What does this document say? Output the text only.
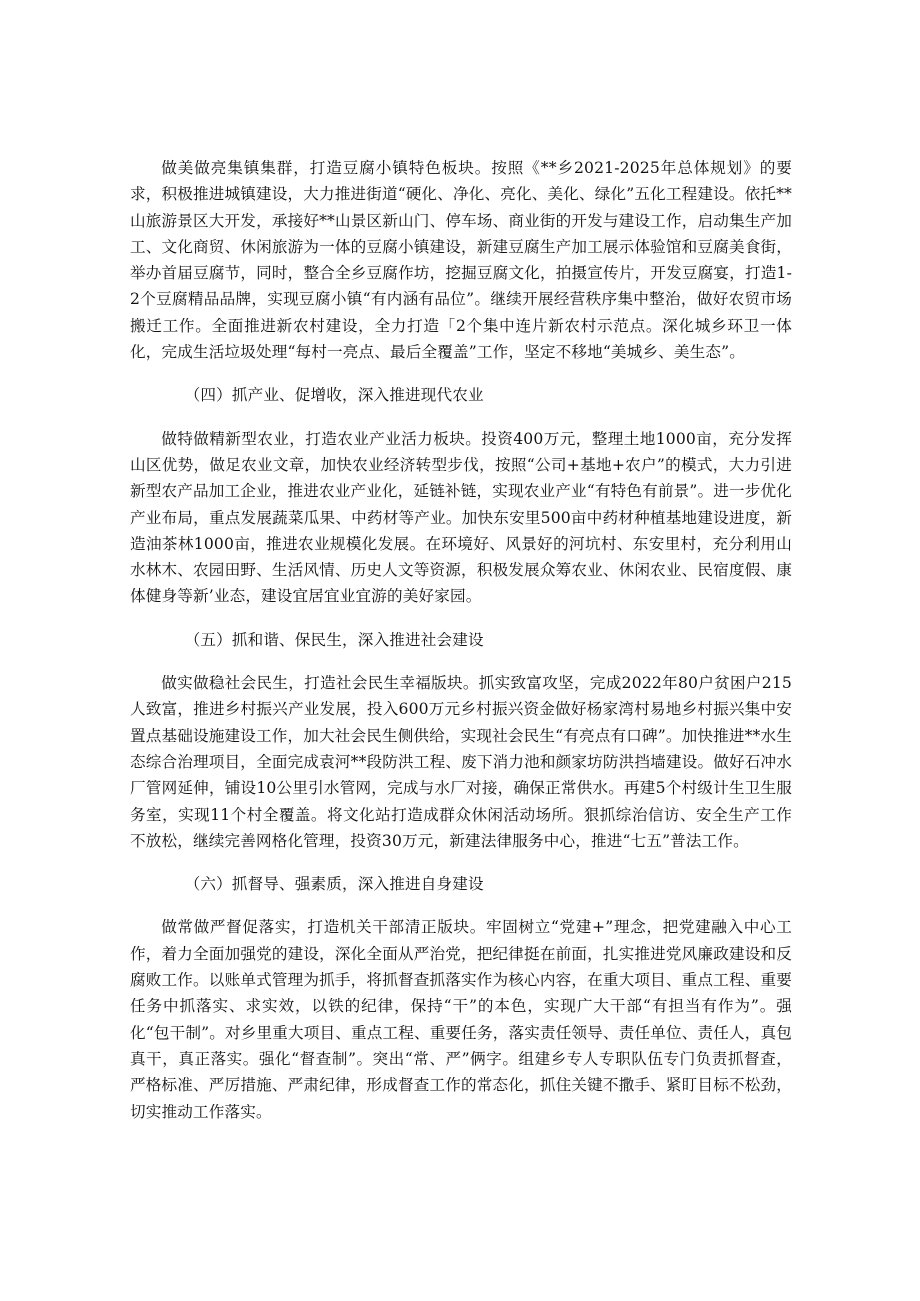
做美做亮集镇集群，打造豆腐小镇特色板块。按照《**乡2021-2025年总体规划》的要求，积极推进城镇建设，大力推进街道“硬化、净化、亮化、美化、绿化”五化工程建设。依托**山旅游景区大开发，承接好**山景区新山门、停车场、商业街的开发与建设工作，启动集生产加工、文化商贸、休闲旅游为一体的豆腐小镇建设，新建豆腐生产加工展示体验馆和豆腐美食街，举办首届豆腐节，同时，整合全乡豆腐作坊，挖掘豆腐文化，拍摄宣传片，开发豆腐宴，打造1-2个豆腐精品品牌，实现豆腐小镇“有内涵有品位”。继续开展经营秩序集中整治，做好农贸市场搬迁工作。全面推进新农村建设，全力打造「2个集中连片新农村示范点。深化城乡环卫一体化，完成生活垃圾处理“每村一亮点、最后全覆盖”工作，坚定不移地“美城乡、美生态”。

（四）抓产业、促增收，深入推进现代农业

做特做精新型农业，打造农业产业活力板块。投资400万元，整理土地1000亩，充分发挥山区优势，做足农业文章，加快农业经济转型步伐，按照“公司+基地+农户”的模式，大力引进新型农产品加工企业，推进农业产业化，延链补链，实现农业产业“有特色有前景”。进一步优化产业布局，重点发展蔬菜瓜果、中药材等产业。加快东安里500亩中药材种植基地建设进度，新造油茶林1000亩，推进农业规模化发展。在环境好、风景好的河坑村、东安里村，充分利用山水林木、农园田野、生活风情、历史人文等资源，积极发展众筹农业、休闲农业、民宿度假、康体健身等新’业态，建设宜居宜业宜游的美好家园。

（五）抓和谐、保民生，深入推进社会建设

做实做稳社会民生，打造社会民生幸福版块。抓实致富攻坚，完成2022年80户贫困户215人致富，推进乡村振兴产业发展，投入600万元乡村振兴资金做好杨家湾村易地乡村振兴集中安置点基础设施建设工作，加大社会民生侧供给，实现社会民生“有亮点有口碑”。加快推进**水生态综合治理项目，全面完成袁河**段防洪工程、废下消力池和颜家坊防洪挡墙建设。做好石冲水厂管网延伸，铺设10公里引水管网，完成与水厂对接，确保正常供水。再建5个村级计生卫生服务室，实现11个村全覆盖。将文化站打造成群众休闲活动场所。狠抓综治信访、安全生产工作不放松，继续完善网格化管理，投资30万元，新建法律服务中心，推进“七五”普法工作。

（六）抓督导、强素质，深入推进自身建设

做常做严督促落实，打造机关干部清正版块。牢固树立“党建+”理念，把党建融入中心工作，着力全面加强党的建设，深化全面从严治党，把纪律挺在前面，扎实推进党风廉政建设和反腐败工作。以账单式管理为抓手，将抓督查抓落实作为核心内容，在重大项目、重点工程、重要任务中抓落实、求实效，以铁的纪律，保持“干”的本色，实现广大干部“有担当有作为”。强化“包干制”。对乡里重大项目、重点工程、重要任务，落实责任领导、责任单位、责任人，真包真干，真正落实。强化“督查制”。突出“常、严”俩字。组建乡专人专职队伍专门负责抓督查，严格标准、严厉措施、严肃纪律，形成督查工作的常态化，抓住关键不撒手、紧盯目标不松劲，切实推动工作落实。
